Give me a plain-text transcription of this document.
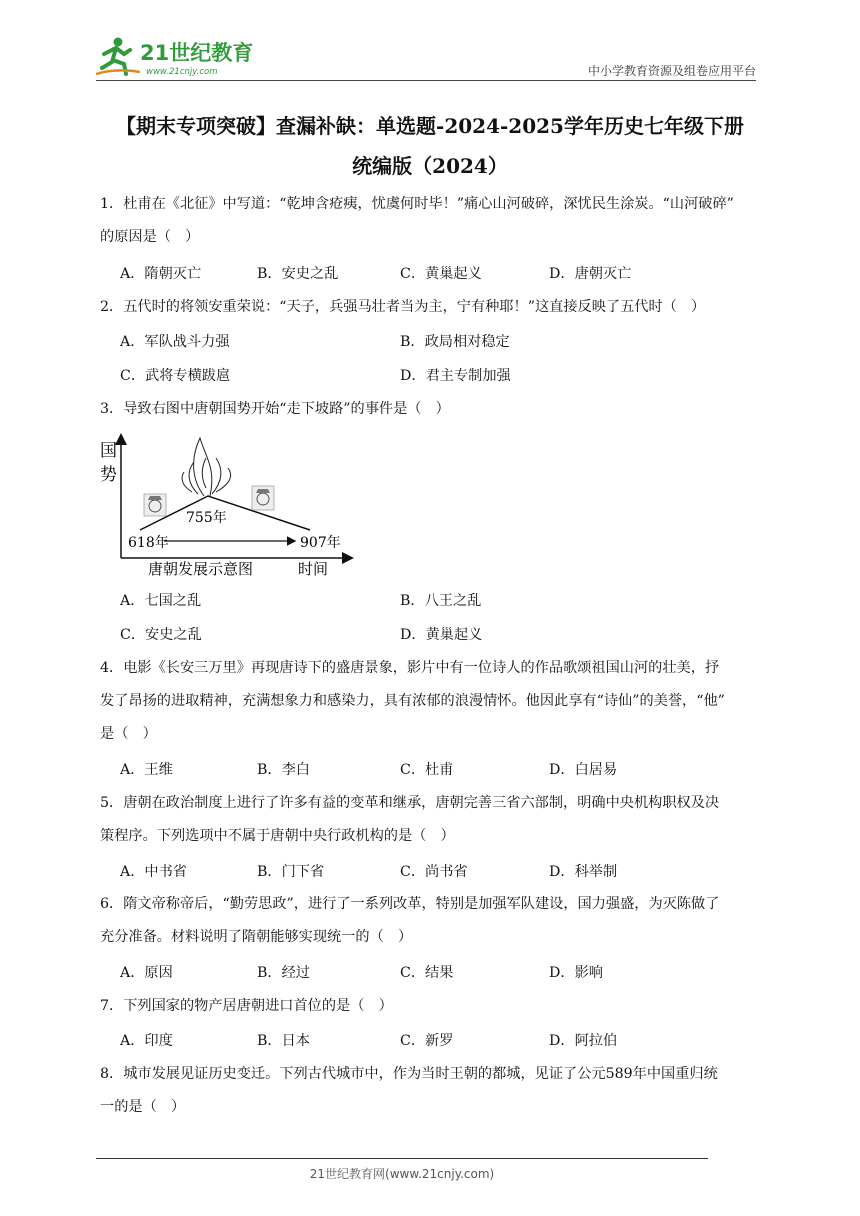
21世纪教育
www.21cnjy.com	中小学教育资源及组卷应用平台
【期末专项突破】查漏补缺：单选题-2024-2025学年历史七年级下册
统编版（2024）
1．杜甫在《北征》中写道：“乾坤含疮痍，忧虞何时毕！”痛心山河破碎，深忧民生涂炭。“山河破碎”
的原因是（　）
A．隋朝灭亡	B．安史之乱	C．黄巢起义	D．唐朝灭亡
2．五代时的将领安重荣说：“天子，兵强马壮者当为主，宁有种耶！”这直接反映了五代时（　）
A．军队战斗力强	B．政局相对稳定
C．武将专横跋扈	D．君主专制加强
3．导致右图中唐朝国势开始“走下坡路”的事件是（　）
国
势
755年
618年	907年
唐朝发展示意图	时间
A．七国之乱	B．八王之乱
C．安史之乱	D．黄巢起义
4．电影《长安三万里》再现唐诗下的盛唐景象，影片中有一位诗人的作品歌颂祖国山河的壮美，抒
发了昂扬的进取精神，充满想象力和感染力，具有浓郁的浪漫情怀。他因此享有“诗仙”的美誉，“他”
是（　）
A．王维	B．李白	C．杜甫	D．白居易
5．唐朝在政治制度上进行了许多有益的变革和继承，唐朝完善三省六部制，明确中央机构职权及决
策程序。下列选项中不属于唐朝中央行政机构的是（　）
A．中书省	B．门下省	C．尚书省	D．科举制
6．隋文帝称帝后，“勤劳思政”，进行了一系列改革，特别是加强军队建设，国力强盛，为灭陈做了
充分准备。材料说明了隋朝能够实现统一的（　）
A．原因	B．经过	C．结果	D．影响
7．下列国家的物产居唐朝进口首位的是（　）
A．印度	B．日本	C．新罗	D．阿拉伯
8．城市发展见证历史变迁。下列古代城市中，作为当时王朝的都城，见证了公元589年中国重归统
一的是（　）
21世纪教育网(www.21cnjy.com)
